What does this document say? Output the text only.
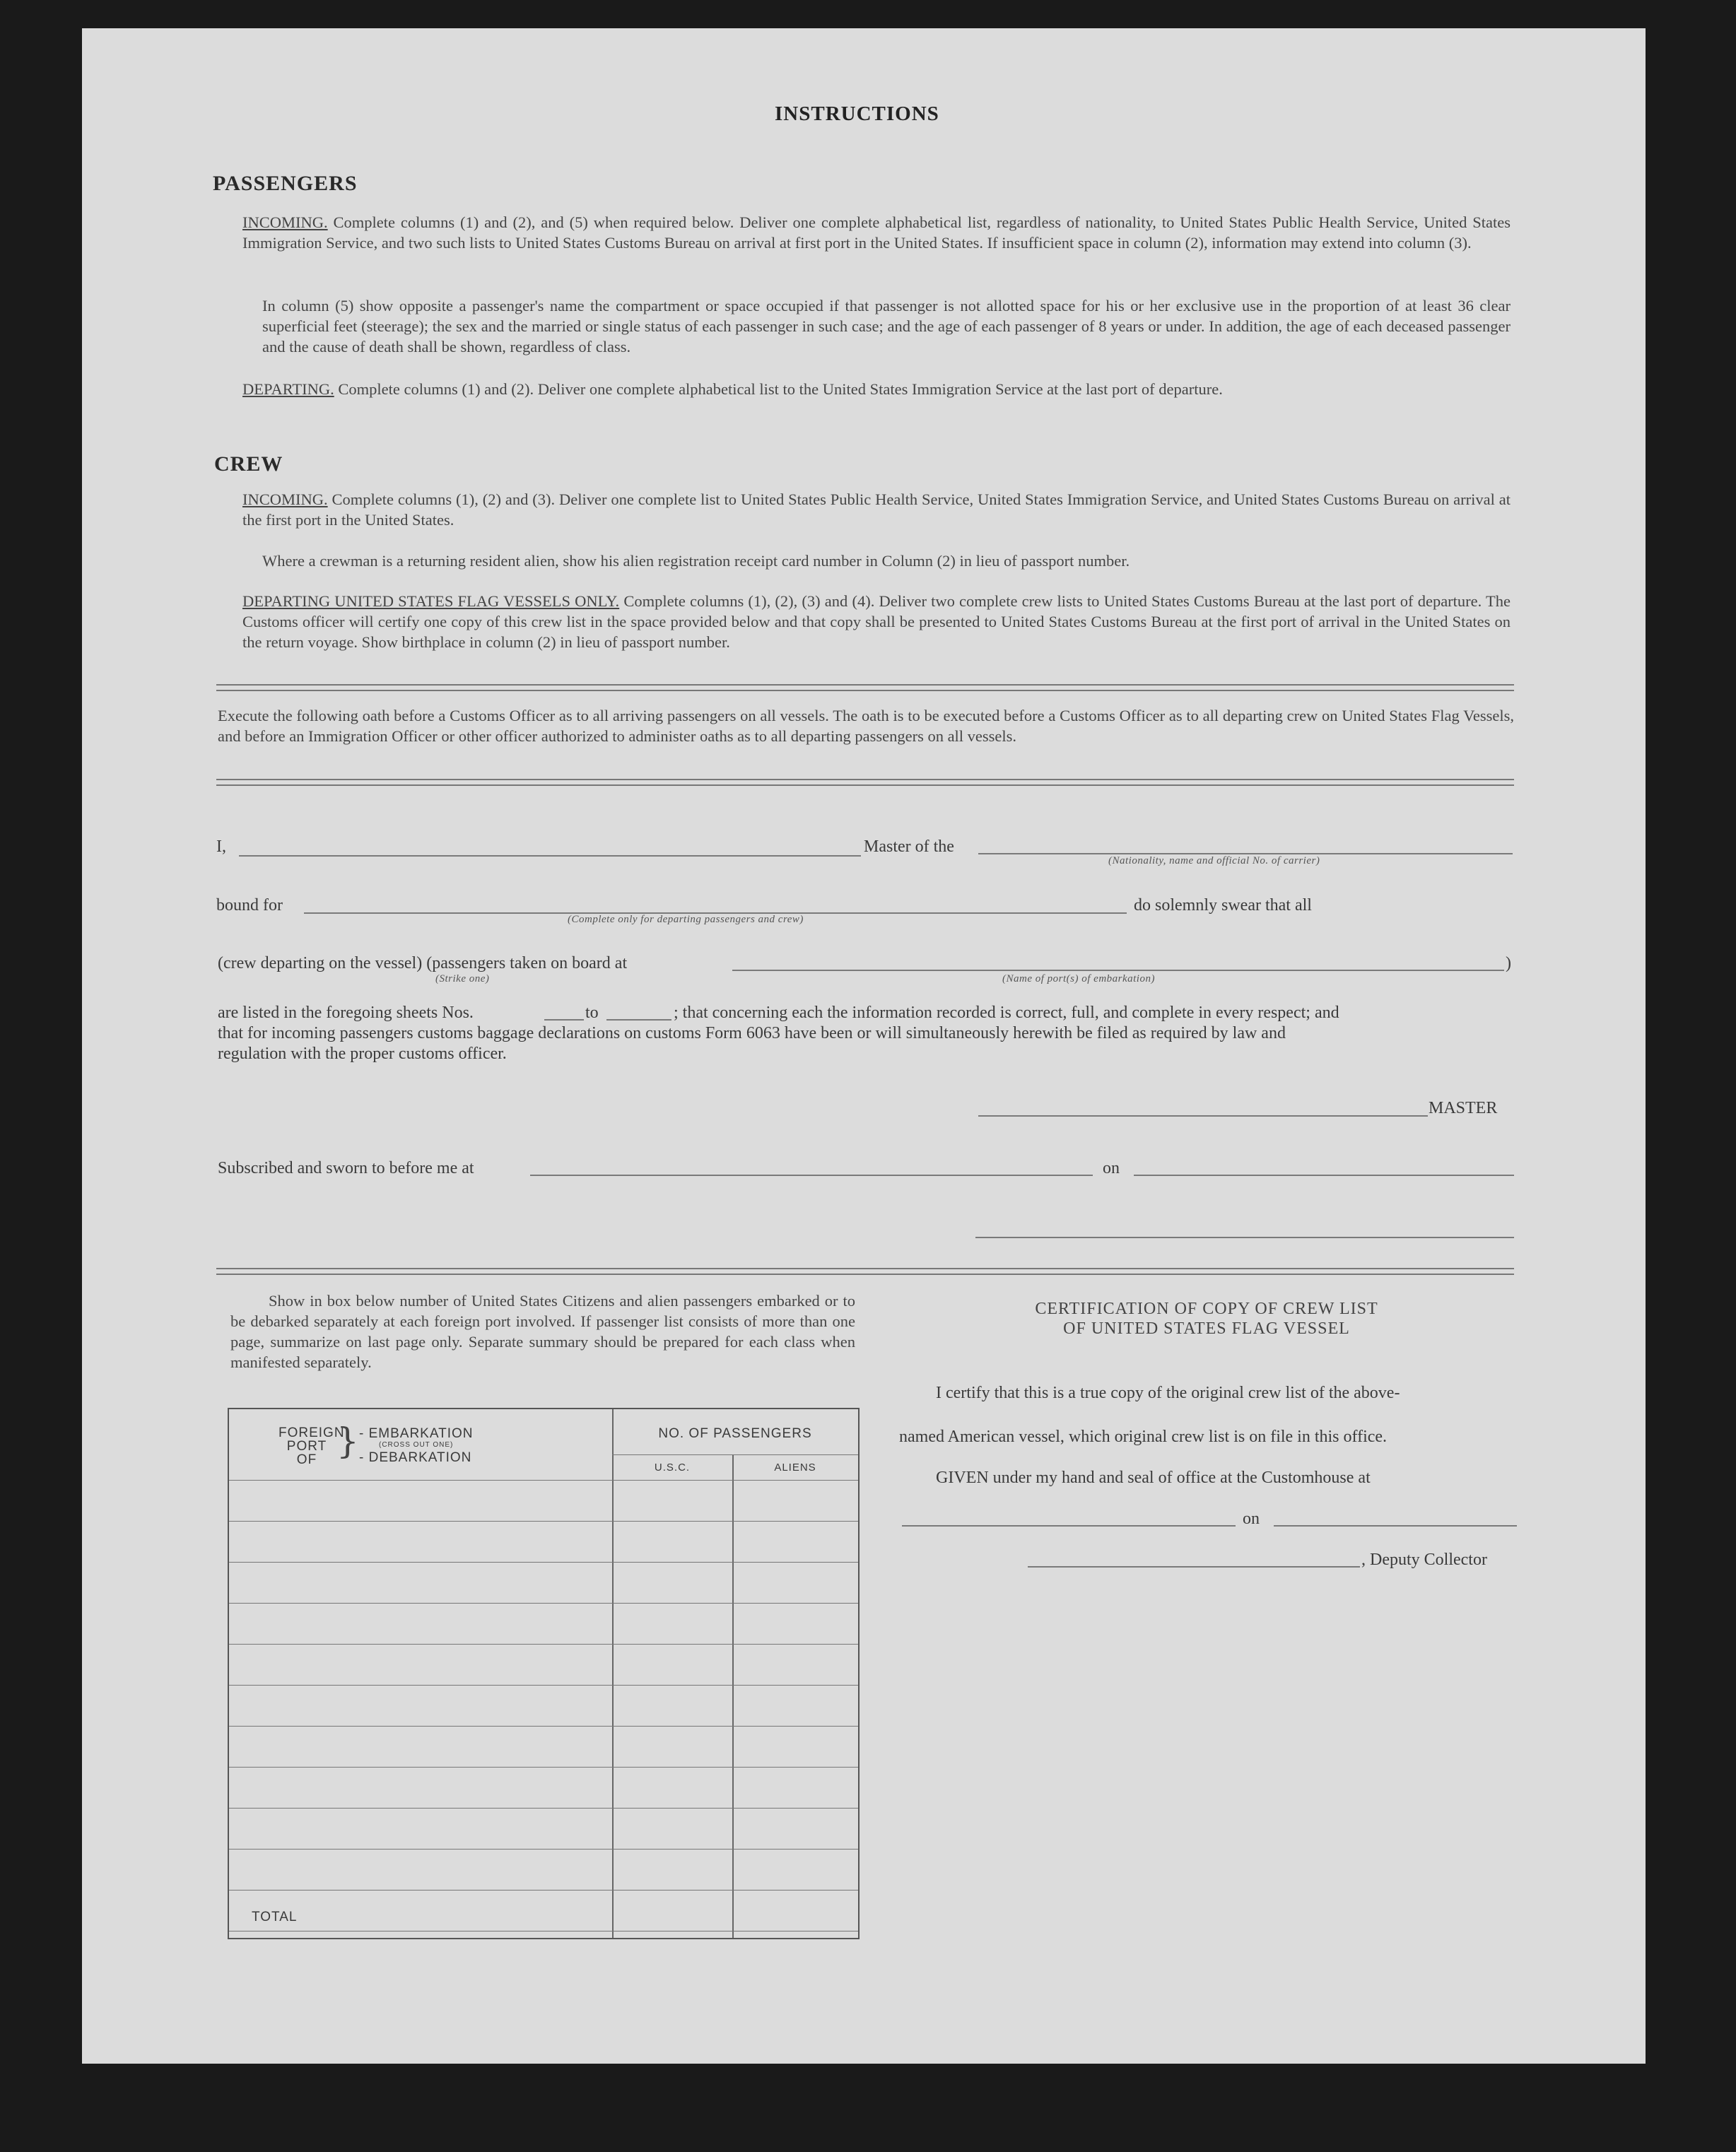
INSTRUCTIONS
PASSENGERS
INCOMING. Complete columns (1) and (2), and (5) when required below. Deliver one complete alphabetical list, regardless of nationality, to United States Public Health Service, United States Immigration Service, and two such lists to United States Customs Bureau on arrival at first port in the United States. If insufficient space in column (2), information may extend into column (3).
In column (5) show opposite a passenger's name the compartment or space occupied if that passenger is not allotted space for his or her exclusive use in the proportion of at least 36 clear superficial feet (steerage); the sex and the married or single status of each passenger in such case; and the age of each passenger of 8 years or under. In addition, the age of each deceased passenger and the cause of death shall be shown, regardless of class.
DEPARTING. Complete columns (1) and (2). Deliver one complete alphabetical list to the United States Immigration Service at the last port of departure.
CREW
INCOMING. Complete columns (1), (2) and (3). Deliver one complete list to United States Public Health Service, United States Immigration Service, and United States Customs Bureau on arrival at the first port in the United States.
Where a crewman is a returning resident alien, show his alien registration receipt card number in Column (2) in lieu of passport number.
DEPARTING UNITED STATES FLAG VESSELS ONLY. Complete columns (1), (2), (3) and (4). Deliver two complete crew lists to United States Customs Bureau at the last port of departure. The Customs officer will certify one copy of this crew list in the space provided below and that copy shall be presented to United States Customs Bureau at the first port of arrival in the United States on the return voyage. Show birthplace in column (2) in lieu of passport number.
Execute the following oath before a Customs Officer as to all arriving passengers on all vessels. The oath is to be executed before a Customs Officer as to all departing crew on United States Flag Vessels, and before an Immigration Officer or other officer authorized to administer oaths as to all departing passengers on all vessels.
I,	Master of the
(Nationality, name and official No. of carrier)
bound for
(Complete only for departing passengers and crew)
do solemnly swear that all
(crew departing on the vessel) (passengers taken on board at
(Strike one)	(Name of port(s) of embarkation)
)
are listed in the foregoing sheets Nos.	to	; that concerning each the information recorded is correct, full, and complete in every respect; and
that for incoming passengers customs baggage declarations on customs Form 6063 have been or will simultaneously herewith be filed as required by law and
regulation with the proper customs officer.
MASTER
Subscribed and sworn to before me at	on
Show in box below number of United States Citizens and alien passengers embarked or to be debarked separately at each foreign port involved. If passenger list consists of more than one page, summarize on last page only. Separate summary should be prepared for each class when manifested separately.
FOREIGN PORT OF } - EMBARKATION
(CROSS OUT ONE)
- DEBARKATION
NO. OF PASSENGERS
U.S.C.	ALIENS
TOTAL
CERTIFICATION OF COPY OF CREW LIST
OF UNITED STATES FLAG VESSEL
I certify that this is a true copy of the original crew list of the above-
named American vessel, which original crew list is on file in this office.
GIVEN under my hand and seal of office at the Customhouse at
on
, Deputy Collector
